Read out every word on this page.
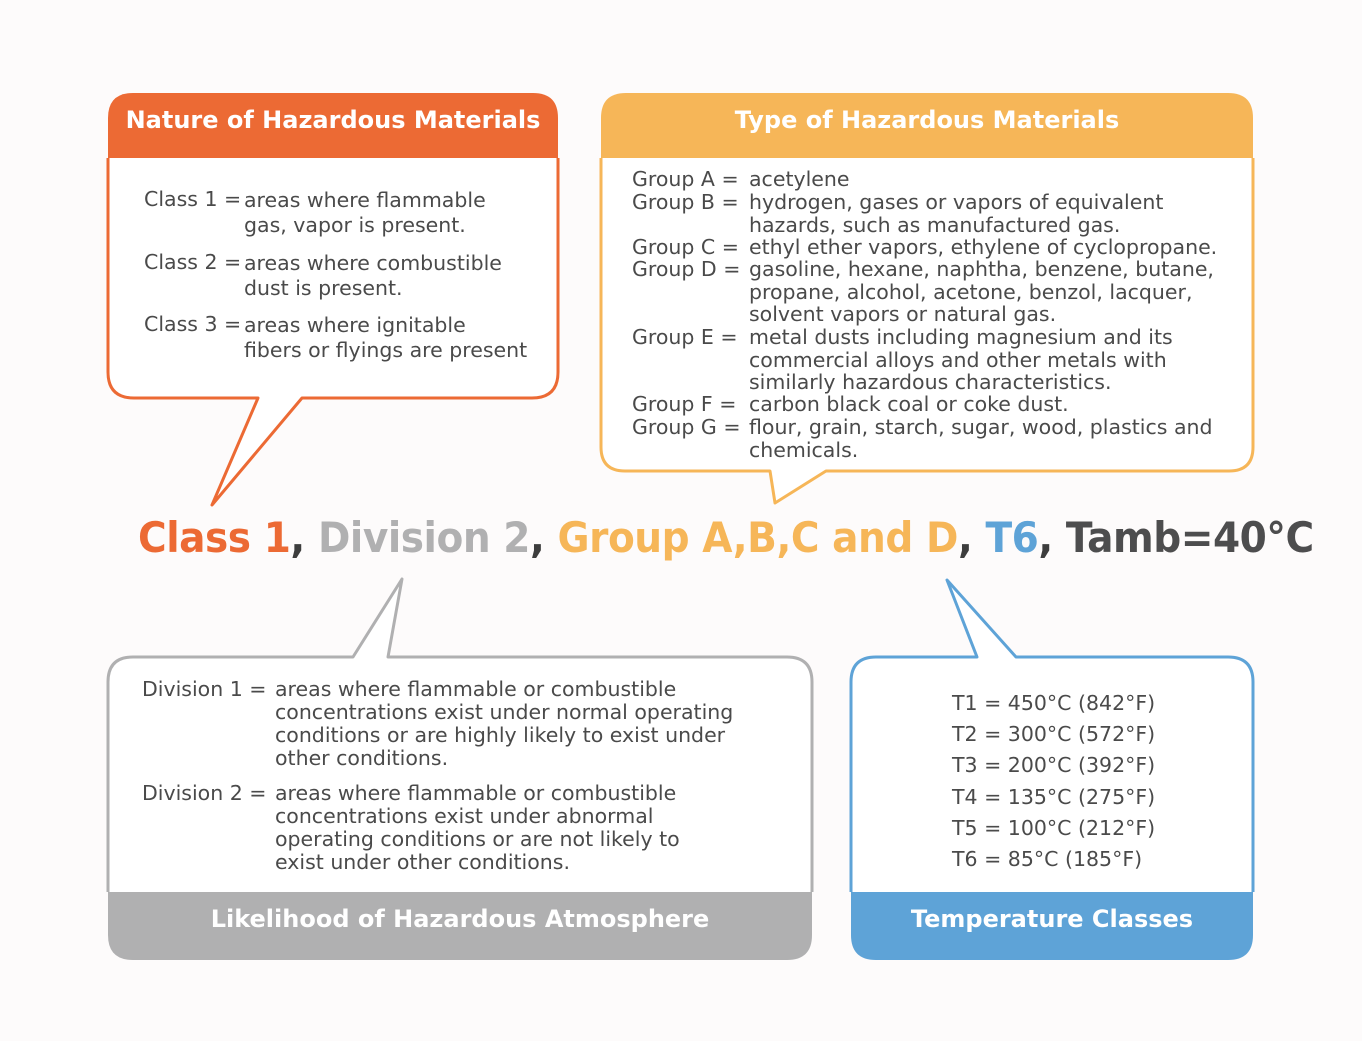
Nature of Hazardous Materials	Type of Hazardous Materials
Likelihood of Hazardous Atmosphere	Temperature Classes
Class 1 = areas where flammable
gas, vapor is present.
Class 2 = areas where combustible
dust is present.
Class 3 = areas where ignitable
fibers or flyings are present
Group A = acetylene
Group B = hydrogen, gases or vapors of equivalent
hazards, such as manufactured gas.
Group C = ethyl ether vapors, ethylene of cyclopropane.
Group D = gasoline, hexane, naphtha, benzene, butane,
propane, alcohol, acetone, benzol, lacquer,
solvent vapors or natural gas.
Group E = metal dusts including magnesium and its
commercial alloys and other metals with
similarly hazardous characteristics.
Group F = carbon black coal or coke dust.
Group G = flour, grain, starch, sugar, wood, plastics and
chemicals.
Class 1, Division 2, Group A,B,C and D, T6, Tamb=40°C
Division 1 = areas where flammable or combustible
concentrations exist under normal operating
conditions or are highly likely to exist under
other conditions.
Division 2 = areas where flammable or combustible
concentrations exist under abnormal
operating conditions or are not likely to
exist under other conditions.
T1 = 450°C (842°F)
T2 = 300°C (572°F)
T3 = 200°C (392°F)
T4 = 135°C (275°F)
T5 = 100°C (212°F)
T6 = 85°C (185°F)
